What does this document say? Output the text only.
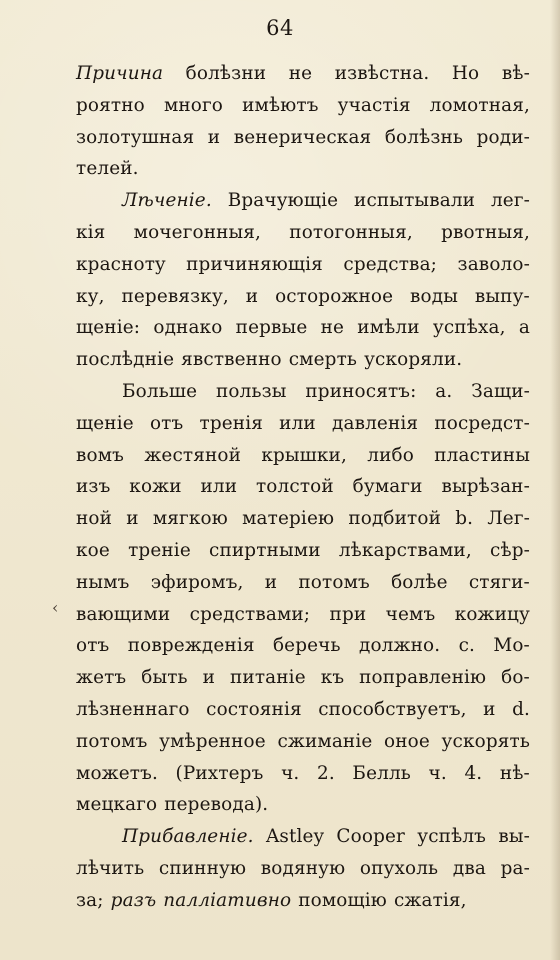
64
‹
Причина болѣзни не извѣстна. Но вѣ-
роятно много имѣютъ участія ломотная,
золотушная и венерическая болѣзнь роди-
телей.
Лѣченіе. Врачующіе испытывали лег-
кія мочегонныя, потогонныя, рвотныя,
краснотy причиняющія средства; заволо-
ку, перевязку, и осторожное воды выпу-
щеніе: однако первые не имѣли успѣха, а
послѣдніе явственно смерть ускоряли.
Больше пользы приносятъ: а. Защи-
щеніе отъ тренія или давленія посредст-
вомъ жестяной крышки, либо пластины
изъ кожи или толстой бумаги вырѣзан-
ной и мягкою матеріею подбитой b. Лег-
кое треніе спиртными лѣкарствами, сѣр-
нымъ эфиромъ, и потомъ болѣе стяги-
вающими средствами; при чемъ кожицу
отъ поврежденія беречь должно. с. Мо-
жетъ быть и питаніе къ поправленію бо-
лѣзненнаго состоянія способствуетъ, и d.
потомъ умѣренное сжиманіе оное ускорять
можетъ. (Рихтеръ ч. 2. Белль ч. 4. нѣ-
мецкаго перевода).
Прибавленіе. Astley Cooper успѣлъ вы-
лѣчить спинную водяную опухоль два ра-
за; разъ палліативно помощію сжатія,
